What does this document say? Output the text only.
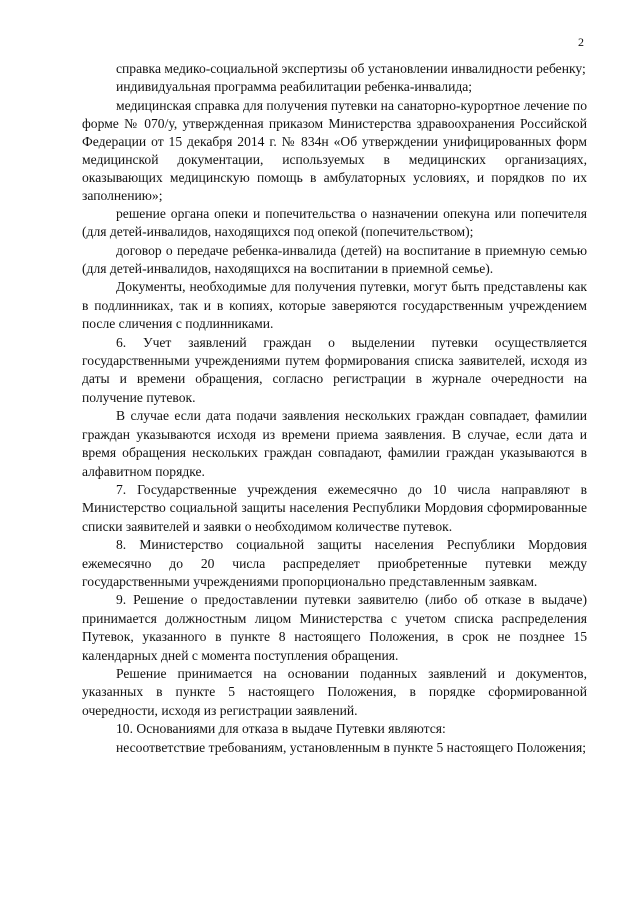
2

справка медико-социальной экспертизы об установлении инвалидности ребенку;

индивидуальная программа реабилитации ребенка-инвалида;

медицинская справка для получения путевки на санаторно-курортное лечение по форме № 070/у, утвержденная приказом Министерства здравоохранения Российской Федерации от 15 декабря 2014 г. № 834н «Об утверждении унифицированных форм медицинской документации, используемых в медицинских организациях, оказывающих медицинскую помощь в амбулаторных условиях, и порядков по их заполнению»;

решение органа опеки и попечительства о назначении опекуна или попечителя (для детей-инвалидов, находящихся под опекой (попечительством);

договор о передаче ребенка-инвалида (детей) на воспитание в приемную семью (для детей-инвалидов, находящихся на воспитании в приемной семье).

Документы, необходимые для получения путевки, могут быть представлены как в подлинниках, так и в копиях, которые заверяются государственным учреждением после сличения с подлинниками.

6. Учет заявлений граждан о выделении путевки осуществляется государственными учреждениями путем формирования списка заявителей, исходя из даты и времени обращения, согласно регистрации в журнале очередности на получение путевок.

В случае если дата подачи заявления нескольких граждан совпадает, фамилии граждан указываются исходя из времени приема заявления. В случае, если дата и время обращения нескольких граждан совпадают, фамилии граждан указываются в алфавитном порядке.

7. Государственные учреждения ежемесячно до 10 числа направляют в Министерство социальной защиты населения Республики Мордовия сформированные списки заявителей и заявки о необходимом количестве путевок.

8. Министерство социальной защиты населения Республики Мордовия ежемесячно до 20 числа распределяет приобретенные путевки между государственными учреждениями пропорционально представленным заявкам.

9. Решение о предоставлении путевки заявителю (либо об отказе в выдаче) принимается должностным лицом Министерства с учетом списка распределения Путевок, указанного в пункте 8 настоящего Положения, в срок не позднее 15 календарных дней с момента поступления обращения.

Решение принимается на основании поданных заявлений и документов, указанных в пункте 5 настоящего Положения, в порядке сформированной очередности, исходя из регистрации заявлений.

10. Основаниями для отказа в выдаче Путевки являются:

несоответствие требованиям, установленным в пункте 5 настоящего Положения;
